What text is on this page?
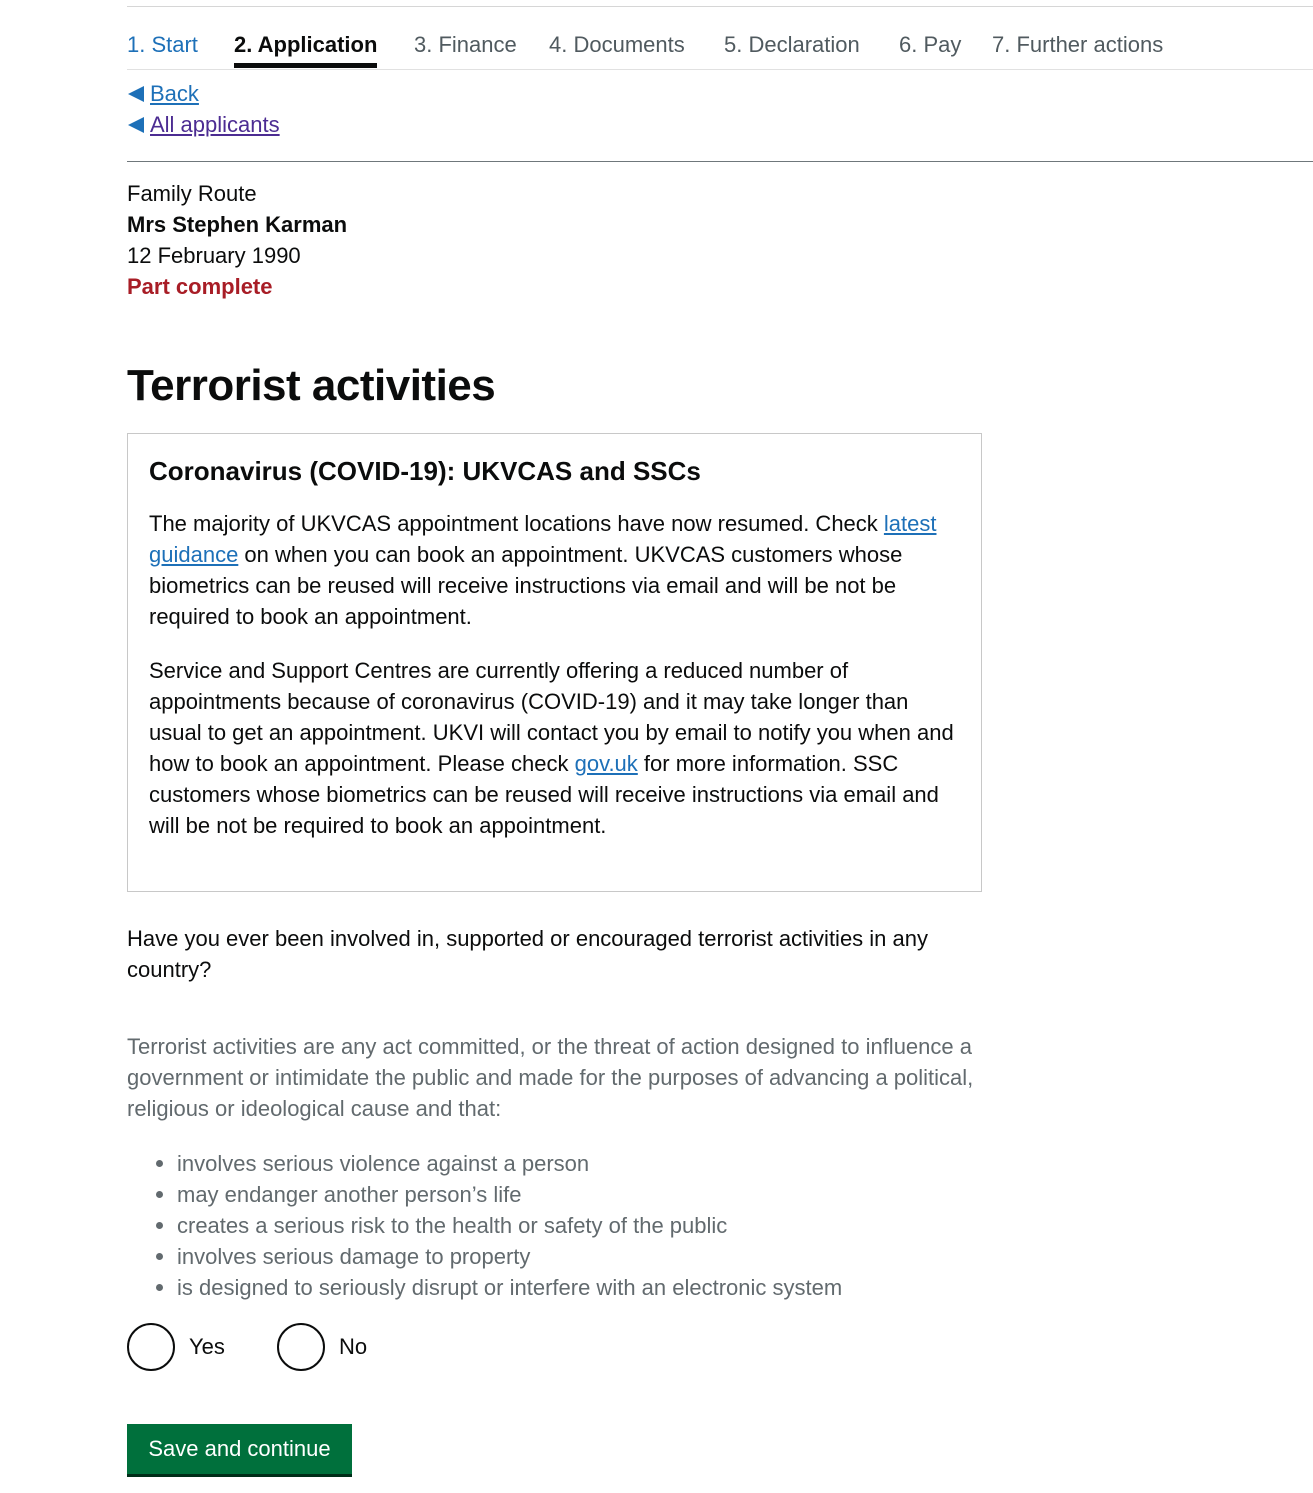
1. Start 2. Application 3. Finance 4. Documents 5. Declaration 6. Pay 7. Further actions
Back
All applicants
Family Route
Mrs Stephen Karman
12 February 1990
Part complete
Terrorist activities
Coronavirus (COVID-19): UKVCAS and SSCs

The majority of UKVCAS appointment locations have now resumed. Check latest guidance on when you can book an appointment. UKVCAS customers whose biometrics can be reused will receive instructions via email and will be not be required to book an appointment.

Service and Support Centres are currently offering a reduced number of appointments because of coronavirus (COVID-19) and it may take longer than usual to get an appointment. UKVI will contact you by email to notify you when and how to book an appointment. Please check gov.uk for more information. SSC customers whose biometrics can be reused will receive instructions via email and will be not be required to book an appointment.

Have you ever been involved in, supported or encouraged terrorist activities in any country?
Terrorist activities are any act committed, or the threat of action designed to influence a government or intimidate the public and made for the purposes of advancing a political, religious or ideological cause and that:
involves serious violence against a person
may endanger another person’s life
creates a serious risk to the health or safety of the public
involves serious damage to property
is designed to seriously disrupt or interfere with an electronic system
Yes	No
Save and continue
